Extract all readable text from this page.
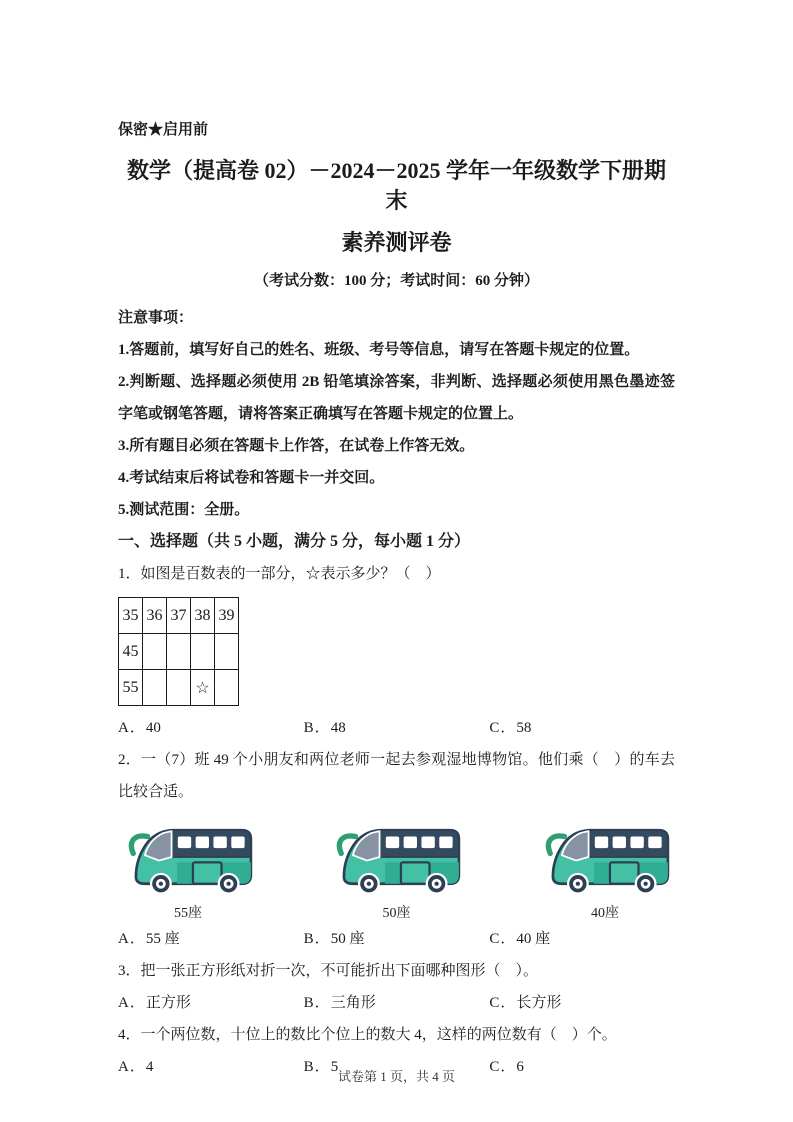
保密★启用前
数学（提高卷 02）－2024－2025 学年一年级数学下册期末
素养测评卷
（考试分数：100 分；考试时间：60 分钟）

注意事项：

1.答题前，填写好自己的姓名、班级、考号等信息，请写在答题卡规定的位置。

2.判断题、选择题必须使用 2B 铅笔填涂答案，非判断、选择题必须使用黑色墨迹签字笔或钢笔答题，请将答案正确填写在答题卡规定的位置上。

3.所有题目必须在答题卡上作答，在试卷上作答无效。

4.考试结束后将试卷和答题卡一并交回。

5.测试范围：全册。

一、选择题（共 5 小题，满分 5 分，每小题 1 分）

1．如图是百数表的一部分，☆表示多少？（　）

35	36	37	38	39
45				
55			☆	
A．40	B．48	C．58

2．一（7）班 49 个小朋友和两位老师一起去参观湿地博物馆。他们乘（　）的车去比较合适。

55座	50座	40座
A．55 座	B．50 座	C．40 座

3．把一张正方形纸对折一次，不可能折出下面哪种图形（　）。

A．正方形	B．三角形	C．长方形

4．一个两位数，十位上的数比个位上的数大 4，这样的两位数有（　）个。

A．4	B．5	C．6
试卷第 1 页，共 4 页
